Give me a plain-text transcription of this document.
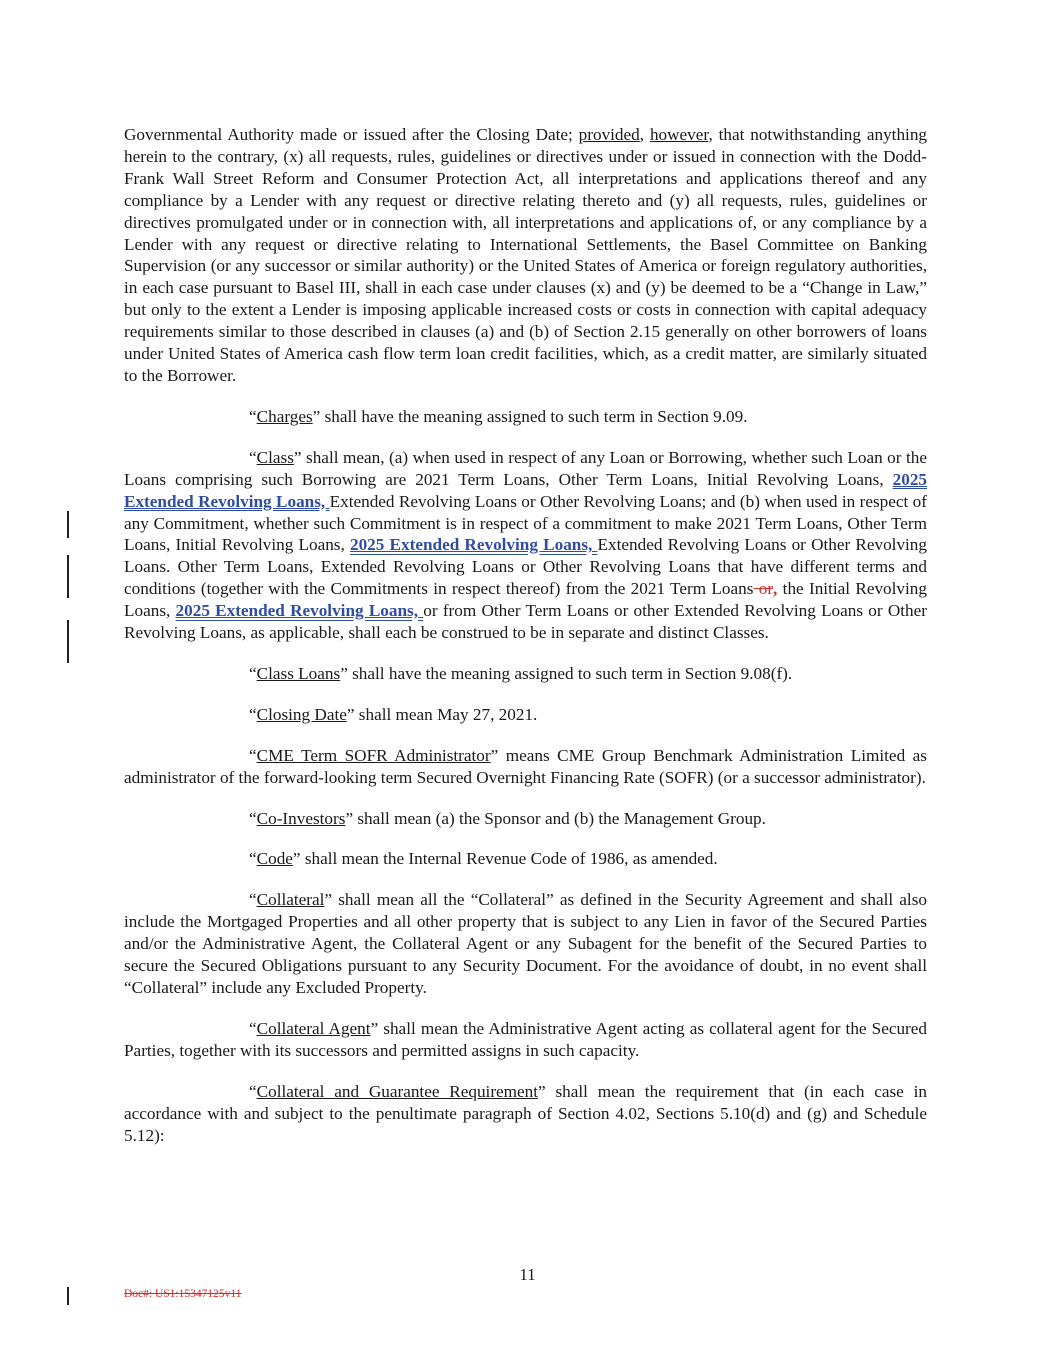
Governmental Authority made or issued after the Closing Date; provided, however, that notwithstanding anything herein to the contrary, (x) all requests, rules, guidelines or directives under or issued in connection with the Dodd-Frank Wall Street Reform and Consumer Protection Act, all interpretations and applications thereof and any compliance by a Lender with any request or directive relating thereto and (y) all requests, rules, guidelines or directives promulgated under or in connection with, all interpretations and applications of, or any compliance by a Lender with any request or directive relating to International Settlements, the Basel Committee on Banking Supervision (or any successor or similar authority) or the United States of America or foreign regulatory authorities, in each case pursuant to Basel III, shall in each case under clauses (x) and (y) be deemed to be a “Change in Law,” but only to the extent a Lender is imposing applicable increased costs or costs in connection with capital adequacy requirements similar to those described in clauses (a) and (b) of Section 2.15 generally on other borrowers of loans under United States of America cash flow term loan credit facilities, which, as a credit matter, are similarly situated to the Borrower.

“Charges” shall have the meaning assigned to such term in Section 9.09.

“Class” shall mean, (a) when used in respect of any Loan or Borrowing, whether such Loan or the Loans comprising such Borrowing are 2021 Term Loans, Other Term Loans, Initial Revolving Loans, 2025 Extended Revolving Loans, Extended Revolving Loans or Other Revolving Loans; and (b) when used in respect of any Commitment, whether such Commitment is in respect of a commitment to make 2021 Term Loans, Other Term Loans, Initial Revolving Loans, 2025 Extended Revolving Loans, Extended Revolving Loans or Other Revolving Loans. Other Term Loans, Extended Revolving Loans or Other Revolving Loans that have different terms and conditions (together with the Commitments in respect thereof) from the 2021 Term Loans or, the Initial Revolving Loans, 2025 Extended Revolving Loans, or from Other Term Loans or other Extended Revolving Loans or Other Revolving Loans, as applicable, shall each be construed to be in separate and distinct Classes.

“Class Loans” shall have the meaning assigned to such term in Section 9.08(f).

“Closing Date” shall mean May 27, 2021.

“CME Term SOFR Administrator” means CME Group Benchmark Administration Limited as administrator of the forward-looking term Secured Overnight Financing Rate (SOFR) (or a successor administrator).

“Co-Investors” shall mean (a) the Sponsor and (b) the Management Group.

“Code” shall mean the Internal Revenue Code of 1986, as amended.

“Collateral” shall mean all the “Collateral” as defined in the Security Agreement and shall also include the Mortgaged Properties and all other property that is subject to any Lien in favor of the Secured Parties and/or the Administrative Agent, the Collateral Agent or any Subagent for the benefit of the Secured Parties to secure the Secured Obligations pursuant to any Security Document. For the avoidance of doubt, in no event shall “Collateral” include any Excluded Property.

“Collateral Agent” shall mean the Administrative Agent acting as collateral agent for the Secured Parties, together with its successors and permitted assigns in such capacity.

“Collateral and Guarantee Requirement” shall mean the requirement that (in each case in accordance with and subject to the penultimate paragraph of Section 4.02, Sections 5.10(d) and (g) and Schedule 5.12):

11
Doc#: US1:15347125v11
